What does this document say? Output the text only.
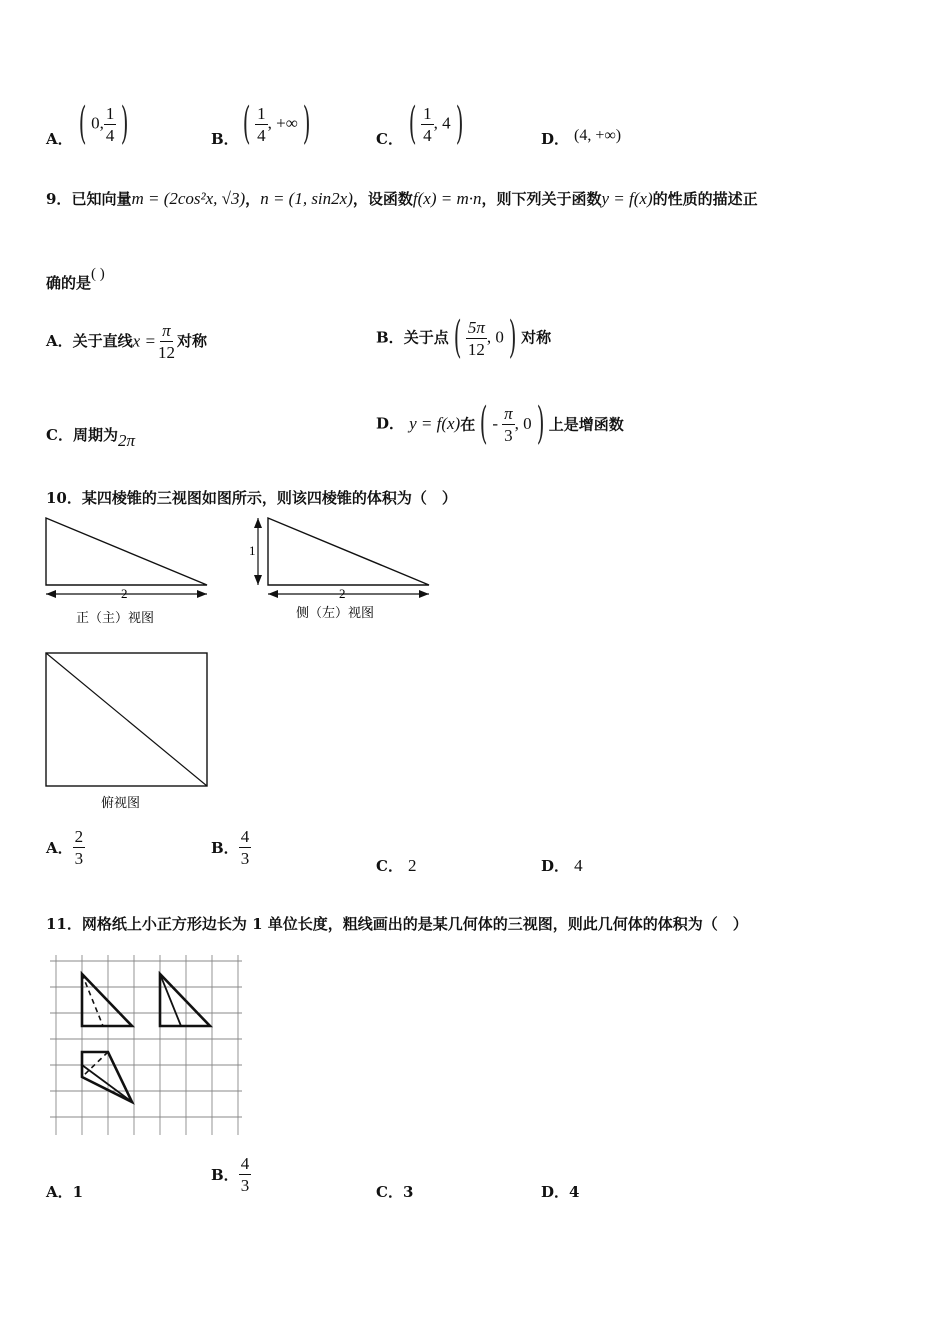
A． ( 0, $\frac{1}{4}$ )	B． ( $\frac{1}{4}$ , +∞ )	C． ( $\frac{1}{4}$ , 4 )	D． (4, +∞)
9．已知向量m = (2cos²x, √3)，n = (1, sin2x)，设函数f(x) = m·n，则下列关于函数y = f(x)的性质的描述正
确的是( )
A．关于直线$x = \frac{\pi}{12}$ 对称	B．关于点 ( $\frac{5\pi}{12}$ , 0 ) 对称
C．周期为2π
D． y = f(x)在 ( - $\frac{\pi}{3}$ , 0 ) 上是增函数
10．某四棱锥的三视图如图所示，则该四棱锥的体积为（　）
2
正（主）视图
1
2
侧（左）视图
俯视图
A． $\frac{2}{3}$	B． $\frac{4}{3}$	C． 2	D． 4
11．网格纸上小正方形边长为 1 单位长度，粗线画出的是某几何体的三视图，则此几何体的体积为（　）
A．1
B． $\frac{4}{3}$	C．3	D．4
